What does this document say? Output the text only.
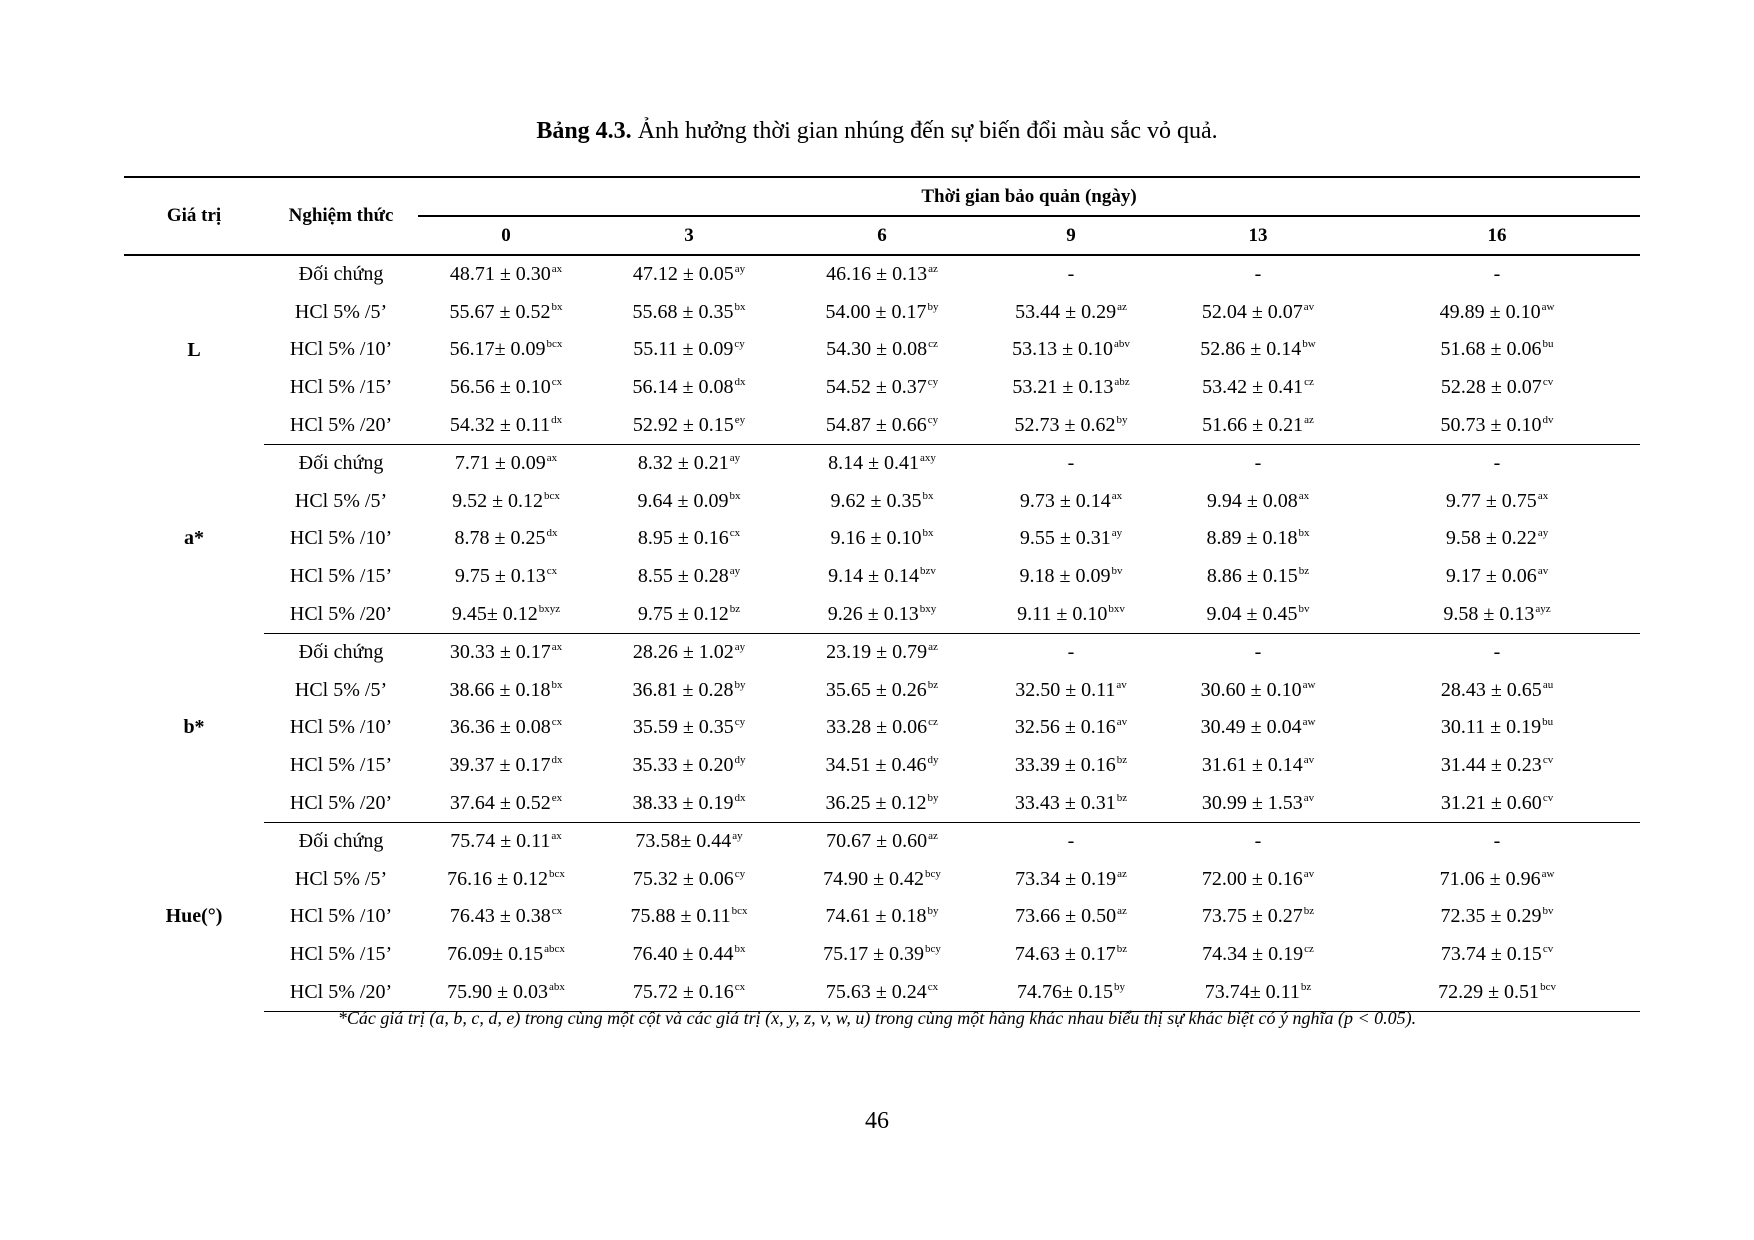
Bảng 4.3. Ảnh hưởng thời gian nhúng đến sự biến đổi màu sắc vỏ quả.
Giá trị	Nghiệm thức	Thời gian bảo quản (ngày)					
		0	3	6	9	13	16
L	Đối chứng	$48.71 \pm 0.30^{ax}$	$47.12 \pm 0.05^{ay}$	$46.16 \pm 0.13^{az}$	-	-	-
	HCl 5% /5’	$55.67 \pm 0.52^{bx}$	$55.68 \pm 0.35^{bx}$	$54.00 \pm 0.17^{by}$	$53.44 \pm 0.29^{az}$	$52.04 \pm 0.07^{av}$	$49.89 \pm 0.10^{aw}$
	HCl 5% /10’	$56.17\pm 0.09^{bcx}$	$55.11 \pm 0.09^{cy}$	$54.30 \pm 0.08^{cz}$	$53.13 \pm 0.10^{abv}$	$52.86 \pm 0.14^{bw}$	$51.68 \pm 0.06^{bu}$
	HCl 5% /15’	$56.56 \pm 0.10^{cx}$	$56.14 \pm 0.08^{dx}$	$54.52 \pm 0.37^{cy}$	$53.21 \pm 0.13^{abz}$	$53.42 \pm 0.41^{cz}$	$52.28 \pm 0.07^{cv}$
	HCl 5% /20’	$54.32 \pm 0.11^{dx}$	$52.92 \pm 0.15^{ey}$	$54.87 \pm 0.66^{cy}$	$52.73 \pm 0.62^{by}$	$51.66 \pm 0.21^{az}$	$50.73 \pm 0.10^{dv}$
a*	Đối chứng	$7.71 \pm 0.09^{ax}$	$8.32 \pm 0.21^{ay}$	$8.14 \pm 0.41^{axy}$	-	-	-
	HCl 5% /5’	$9.52 \pm 0.12^{bcx}$	$9.64 \pm 0.09^{bx}$	$9.62 \pm 0.35^{bx}$	$9.73 \pm 0.14^{ax}$	$9.94 \pm 0.08^{ax}$	$9.77 \pm 0.75^{ax}$
	HCl 5% /10’	$8.78 \pm 0.25^{dx}$	$8.95 \pm 0.16^{cx}$	$9.16 \pm 0.10^{bx}$	$9.55 \pm 0.31^{ay}$	$8.89 \pm 0.18^{bx}$	$9.58 \pm 0.22^{ay}$
	HCl 5% /15’	$9.75 \pm 0.13^{cx}$	$8.55 \pm 0.28^{ay}$	$9.14 \pm 0.14^{bzv}$	$9.18 \pm 0.09^{bv}$	$8.86 \pm 0.15^{bz}$	$9.17 \pm 0.06^{av}$
	HCl 5% /20’	$9.45\pm 0.12^{bxyz}$	$9.75 \pm 0.12^{bz}$	$9.26 \pm 0.13^{bxy}$	$9.11 \pm 0.10^{bxv}$	$9.04 \pm 0.45^{bv}$	$9.58 \pm 0.13^{ayz}$
b*	Đối chứng	$30.33 \pm 0.17^{ax}$	$28.26 \pm 1.02^{ay}$	$23.19 \pm 0.79^{az}$	-	-	-
	HCl 5% /5’	$38.66 \pm 0.18^{bx}$	$36.81 \pm 0.28^{by}$	$35.65 \pm 0.26^{bz}$	$32.50 \pm 0.11^{av}$	$30.60 \pm 0.10^{aw}$	$28.43 \pm 0.65^{au}$
	HCl 5% /10’	$36.36 \pm 0.08^{cx}$	$35.59 \pm 0.35^{cy}$	$33.28 \pm 0.06^{cz}$	$32.56 \pm 0.16^{av}$	$30.49 \pm 0.04^{aw}$	$30.11 \pm 0.19^{bu}$
	HCl 5% /15’	$39.37 \pm 0.17^{dx}$	$35.33 \pm 0.20^{dy}$	$34.51 \pm 0.46^{dy}$	$33.39 \pm 0.16^{bz}$	$31.61 \pm 0.14^{av}$	$31.44 \pm 0.23^{cv}$
	HCl 5% /20’	$37.64 \pm 0.52^{ex}$	$38.33 \pm 0.19^{dx}$	$36.25 \pm 0.12^{by}$	$33.43 \pm 0.31^{bz}$	$30.99 \pm 1.53^{av}$	$31.21 \pm 0.60^{cv}$
Hue(°)	Đối chứng	$75.74 \pm 0.11^{ax}$	$73.58\pm 0.44^{ay}$	$70.67 \pm 0.60^{az}$	-	-	-
	HCl 5% /5’	$76.16 \pm 0.12^{bcx}$	$75.32 \pm 0.06^{cy}$	$74.90 \pm 0.42^{bcy}$	$73.34 \pm 0.19^{az}$	$72.00 \pm 0.16^{av}$	$71.06 \pm 0.96^{aw}$
	HCl 5% /10’	$76.43 \pm 0.38^{cx}$	$75.88 \pm 0.11^{bcx}$	$74.61 \pm 0.18^{by}$	$73.66 \pm 0.50^{az}$	$73.75 \pm 0.27^{bz}$	$72.35 \pm 0.29^{bv}$
	HCl 5% /15’	$76.09\pm 0.15^{abcx}$	$76.40 \pm 0.44^{bx}$	$75.17 \pm 0.39^{bcy}$	$74.63 \pm 0.17^{bz}$	$74.34 \pm 0.19^{cz}$	$73.74 \pm 0.15^{cv}$
	HCl 5% /20’	$75.90 \pm 0.03^{abx}$	$75.72 \pm 0.16^{cx}$	$75.63 \pm 0.24^{cx}$	$74.76\pm 0.15^{by}$	$73.74\pm 0.11^{bz}$	$72.29 \pm 0.51^{bcv}$
*Các giá trị (a, b, c, d, e) trong cùng một cột và các giá trị (x, y, z, v, w, u) trong cùng một hàng khác nhau biểu thị sự khác biệt có ý nghĩa (p < 0.05).
46
